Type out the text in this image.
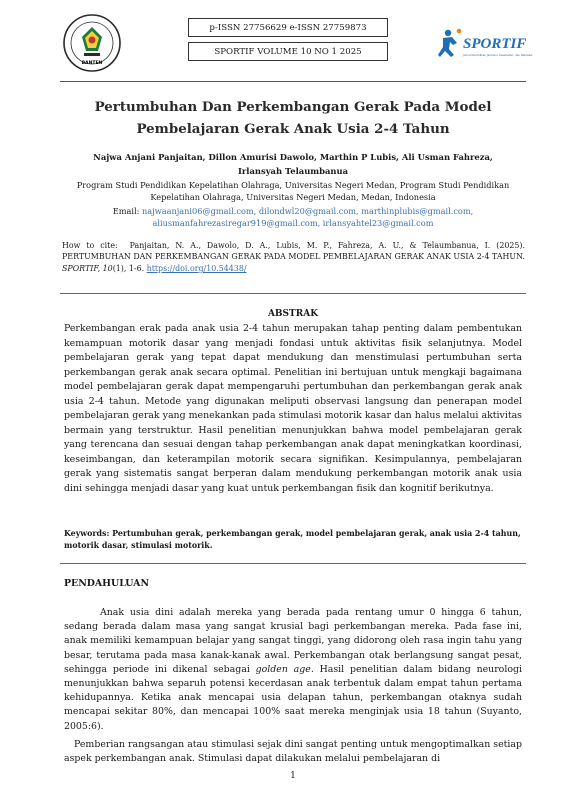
BANTEN
p-ISSN 27756629 e-ISSN 27759873
SPORTIF VOLUME 10 NO 1 2025	SPORTIF
Jurnal Pendidikan Jasmani, Kesehatan, dan Rekreasi
Pertumbuhan Dan Perkembangan Gerak Pada Model
Pembelajaran Gerak Anak Usia 2-4 Tahun
Najwa Anjani Panjaitan, Dillon Amurisi Dawolo, Marthin P Lubis, Ali Usman Fahreza,
Irlansyah Telaumbanua
Program Studi Pendidikan Kepelatihan Olahraga, Universitas Negeri Medan, Program Studi Pendidikan
Kepelatihan Olahraga, Universitas Negeri Medan, Medan, Indonesia
Email: najwaanjani06@gmail.com, dilondwl20@gmail.com, marthinplubis@gmail.com,
aliusmanfahrezasiregar919@gmail.com, irlansyahtel23@gmail.com
How to cite: Panjaitan, N. A., Dawolo, D. A., Lubis, M. P., Fahreza, A. U., & Telaumbanua, I. (2025). PERTUMBUHAN DAN PERKEMBANGAN GERAK PADA MODEL PEMBELAJARAN GERAK ANAK USIA 2-4 TAHUN. SPORTIF, 10(1), 1-6. https://doi.org/10.54438/
ABSTRAK
Perkembangan erak pada anak usia 2-4 tahun merupakan tahap penting dalam pembentukan kemampuan motorik dasar yang menjadi fondasi untuk aktivitas fisik selanjutnya. Model pembelajaran gerak yang tepat dapat mendukung dan menstimulasi pertumbuhan serta perkembangan gerak anak secara optimal. Penelitian ini bertujuan untuk mengkaji bagaimana model pembelajaran gerak dapat mempengaruhi pertumbuhan dan perkembangan gerak anak usia 2-4 tahun. Metode yang digunakan meliputi observasi langsung dan penerapan model pembelajaran gerak yang menekankan pada stimulasi motorik kasar dan halus melalui aktivitas bermain yang terstruktur. Hasil penelitian menunjukkan bahwa model pembelajaran gerak yang terencana dan sesuai dengan tahap perkembangan anak dapat meningkatkan koordinasi, keseimbangan, dan keterampilan motorik secara signifikan. Kesimpulannya, pembelajaran gerak yang sistematis sangat berperan dalam mendukung perkembangan motorik anak usia dini sehingga menjadi dasar yang kuat untuk perkembangan fisik dan kognitif berikutnya.
Keywords: Pertumbuhan gerak, perkembangan gerak, model pembelajaran gerak, anak usia 2-4 tahun, motorik dasar, stimulasi motorik.
PENDAHULUAN
Anak usia dini adalah mereka yang berada pada rentang umur 0 hingga 6 tahun, sedang berada dalam masa yang sangat krusial bagi perkembangan mereka. Pada fase ini, anak memiliki kemampuan belajar yang sangat tinggi, yang didorong oleh rasa ingin tahu yang besar, terutama pada masa kanak-kanak awal. Perkembangan otak berlangsung sangat pesat, sehingga periode ini dikenal sebagai golden age. Hasil penelitian dalam bidang neurologi menunjukkan bahwa separuh potensi kecerdasan anak terbentuk dalam empat tahun pertama kehidupannya. Ketika anak mencapai usia delapan tahun, perkembangan otaknya sudah mencapai sekitar 80%, dan mencapai 100% saat mereka menginjak usia 18 tahun (Suyanto, 2005:6).
Pemberian rangsangan atau stimulasi sejak dini sangat penting untuk mengoptimalkan setiap aspek perkembangan anak. Stimulasi dapat dilakukan melalui pembelajaran di
1
